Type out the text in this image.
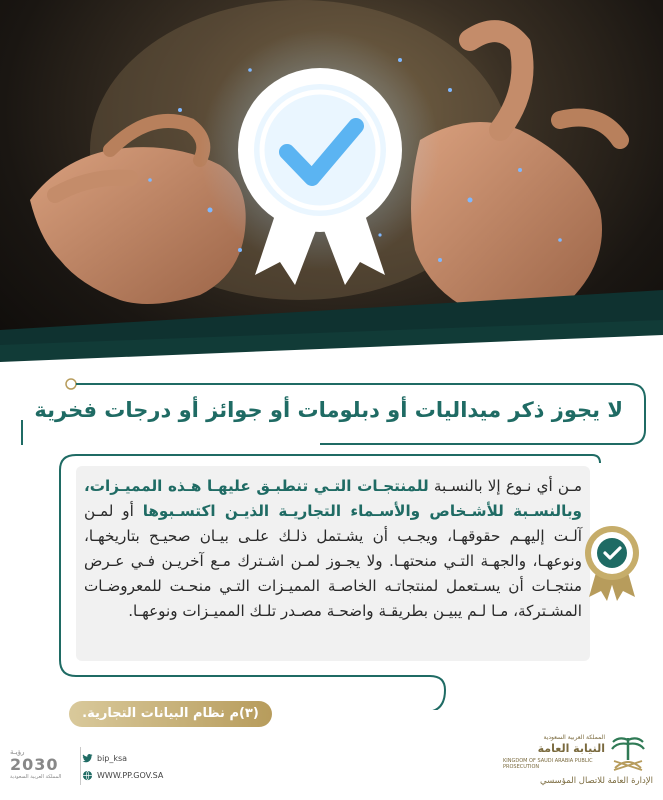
لا يجوز ذكر ميداليات أو دبلومات أو جوائز أو درجات فخرية
مـن أي نـوع إلا بالنسـبة للمنتجـات التـي تنطبـق عليهـا هـذه المميـزات، وبالنسـبة للأشـخاص والأسـماء التجاريـة الذيـن اكتسـبوها أو لمـن آلـت إليهـم حقوقهـا، ويجـب أن يشـتمل ذلـك علـى بيـان صحيـح بتاريخهـا، ونوعهـا، والجهـة التـي منحتهـا. ولا يجـوز لمـن اشـترك مـع آخريـن فـي عـرض منتجـات أن يسـتعمل لمنتجاتـه الخاصـة المميـزات التـي منحـت للمعروضـات المشـتركة، مـا لـم يبيـن بطريقـة واضحـة مصـدر تلـك المميـزات ونوعهـا.
(٣)م نظام البيانات التجارية.
رؤيـة
2030
المملكة العربية السعودية
bip_ksa
WWW.PP.GOV.SA
المملكة العربية السعودية
النيابة العامة
KINGDOM OF SAUDI ARABIA PUBLIC PROSECUTION
الإدارة العامة للاتصال المؤسسي
